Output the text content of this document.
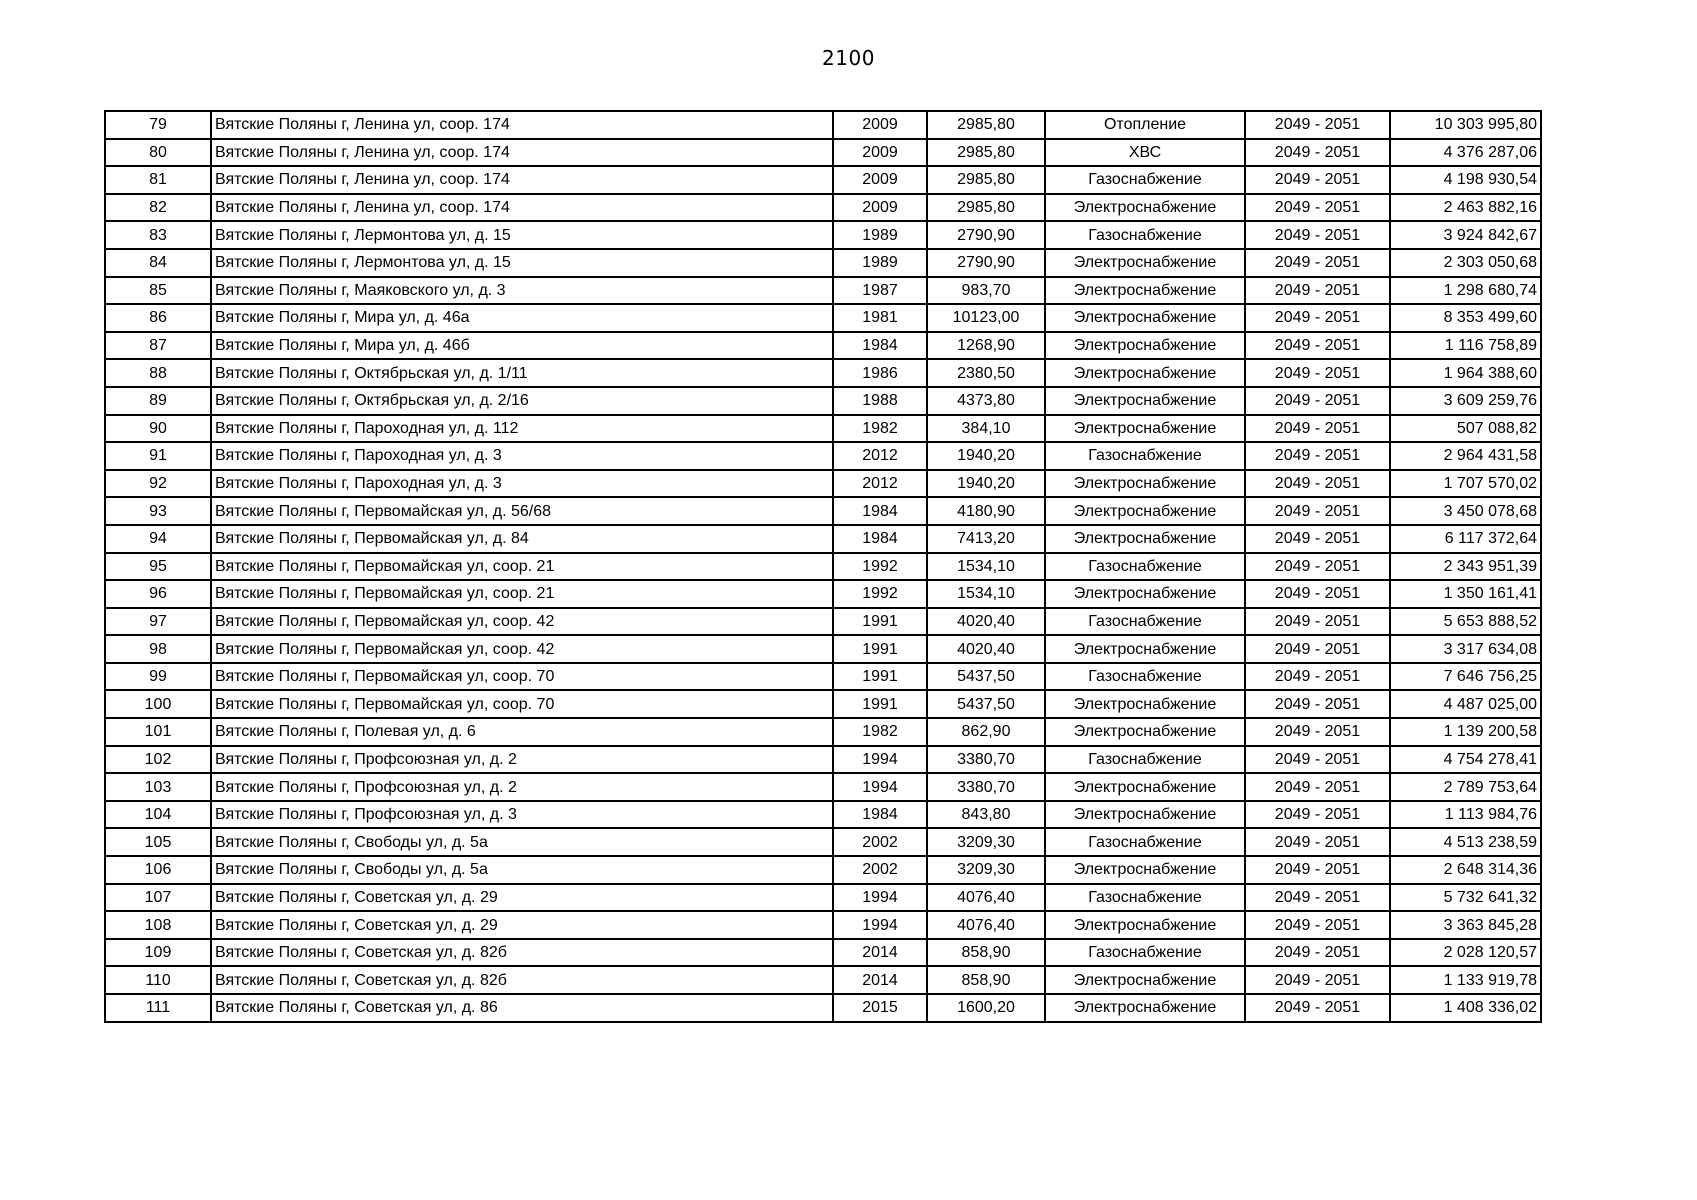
2100
79	Вятские Поляны г, Ленина ул, соор. 174	2009	2985,80	Отопление	2049 - 2051	10 303 995,80
80	Вятские Поляны г, Ленина ул, соор. 174	2009	2985,80	ХВС	2049 - 2051	4 376 287,06
81	Вятские Поляны г, Ленина ул, соор. 174	2009	2985,80	Газоснабжение	2049 - 2051	4 198 930,54
82	Вятские Поляны г, Ленина ул, соор. 174	2009	2985,80	Электроснабжение	2049 - 2051	2 463 882,16
83	Вятские Поляны г, Лермонтова ул, д. 15	1989	2790,90	Газоснабжение	2049 - 2051	3 924 842,67
84	Вятские Поляны г, Лермонтова ул, д. 15	1989	2790,90	Электроснабжение	2049 - 2051	2 303 050,68
85	Вятские Поляны г, Маяковского ул, д. 3	1987	983,70	Электроснабжение	2049 - 2051	1 298 680,74
86	Вятские Поляны г, Мира ул, д. 46а	1981	10123,00	Электроснабжение	2049 - 2051	8 353 499,60
87	Вятские Поляны г, Мира ул, д. 46б	1984	1268,90	Электроснабжение	2049 - 2051	1 116 758,89
88	Вятские Поляны г, Октябрьская ул, д. 1/11	1986	2380,50	Электроснабжение	2049 - 2051	1 964 388,60
89	Вятские Поляны г, Октябрьская ул, д. 2/16	1988	4373,80	Электроснабжение	2049 - 2051	3 609 259,76
90	Вятские Поляны г, Пароходная ул, д. 112	1982	384,10	Электроснабжение	2049 - 2051	507 088,82
91	Вятские Поляны г, Пароходная ул, д. 3	2012	1940,20	Газоснабжение	2049 - 2051	2 964 431,58
92	Вятские Поляны г, Пароходная ул, д. 3	2012	1940,20	Электроснабжение	2049 - 2051	1 707 570,02
93	Вятские Поляны г, Первомайская ул, д. 56/68	1984	4180,90	Электроснабжение	2049 - 2051	3 450 078,68
94	Вятские Поляны г, Первомайская ул, д. 84	1984	7413,20	Электроснабжение	2049 - 2051	6 117 372,64
95	Вятские Поляны г, Первомайская ул, соор. 21	1992	1534,10	Газоснабжение	2049 - 2051	2 343 951,39
96	Вятские Поляны г, Первомайская ул, соор. 21	1992	1534,10	Электроснабжение	2049 - 2051	1 350 161,41
97	Вятские Поляны г, Первомайская ул, соор. 42	1991	4020,40	Газоснабжение	2049 - 2051	5 653 888,52
98	Вятские Поляны г, Первомайская ул, соор. 42	1991	4020,40	Электроснабжение	2049 - 2051	3 317 634,08
99	Вятские Поляны г, Первомайская ул, соор. 70	1991	5437,50	Газоснабжение	2049 - 2051	7 646 756,25
100	Вятские Поляны г, Первомайская ул, соор. 70	1991	5437,50	Электроснабжение	2049 - 2051	4 487 025,00
101	Вятские Поляны г, Полевая ул, д. 6	1982	862,90	Электроснабжение	2049 - 2051	1 139 200,58
102	Вятские Поляны г, Профсоюзная ул, д. 2	1994	3380,70	Газоснабжение	2049 - 2051	4 754 278,41
103	Вятские Поляны г, Профсоюзная ул, д. 2	1994	3380,70	Электроснабжение	2049 - 2051	2 789 753,64
104	Вятские Поляны г, Профсоюзная ул, д. 3	1984	843,80	Электроснабжение	2049 - 2051	1 113 984,76
105	Вятские Поляны г, Свободы ул, д. 5а	2002	3209,30	Газоснабжение	2049 - 2051	4 513 238,59
106	Вятские Поляны г, Свободы ул, д. 5а	2002	3209,30	Электроснабжение	2049 - 2051	2 648 314,36
107	Вятские Поляны г, Советская ул, д. 29	1994	4076,40	Газоснабжение	2049 - 2051	5 732 641,32
108	Вятские Поляны г, Советская ул, д. 29	1994	4076,40	Электроснабжение	2049 - 2051	3 363 845,28
109	Вятские Поляны г, Советская ул, д. 82б	2014	858,90	Газоснабжение	2049 - 2051	2 028 120,57
110	Вятские Поляны г, Советская ул, д. 82б	2014	858,90	Электроснабжение	2049 - 2051	1 133 919,78
111	Вятские Поляны г, Советская ул, д. 86	2015	1600,20	Электроснабжение	2049 - 2051	1 408 336,02
